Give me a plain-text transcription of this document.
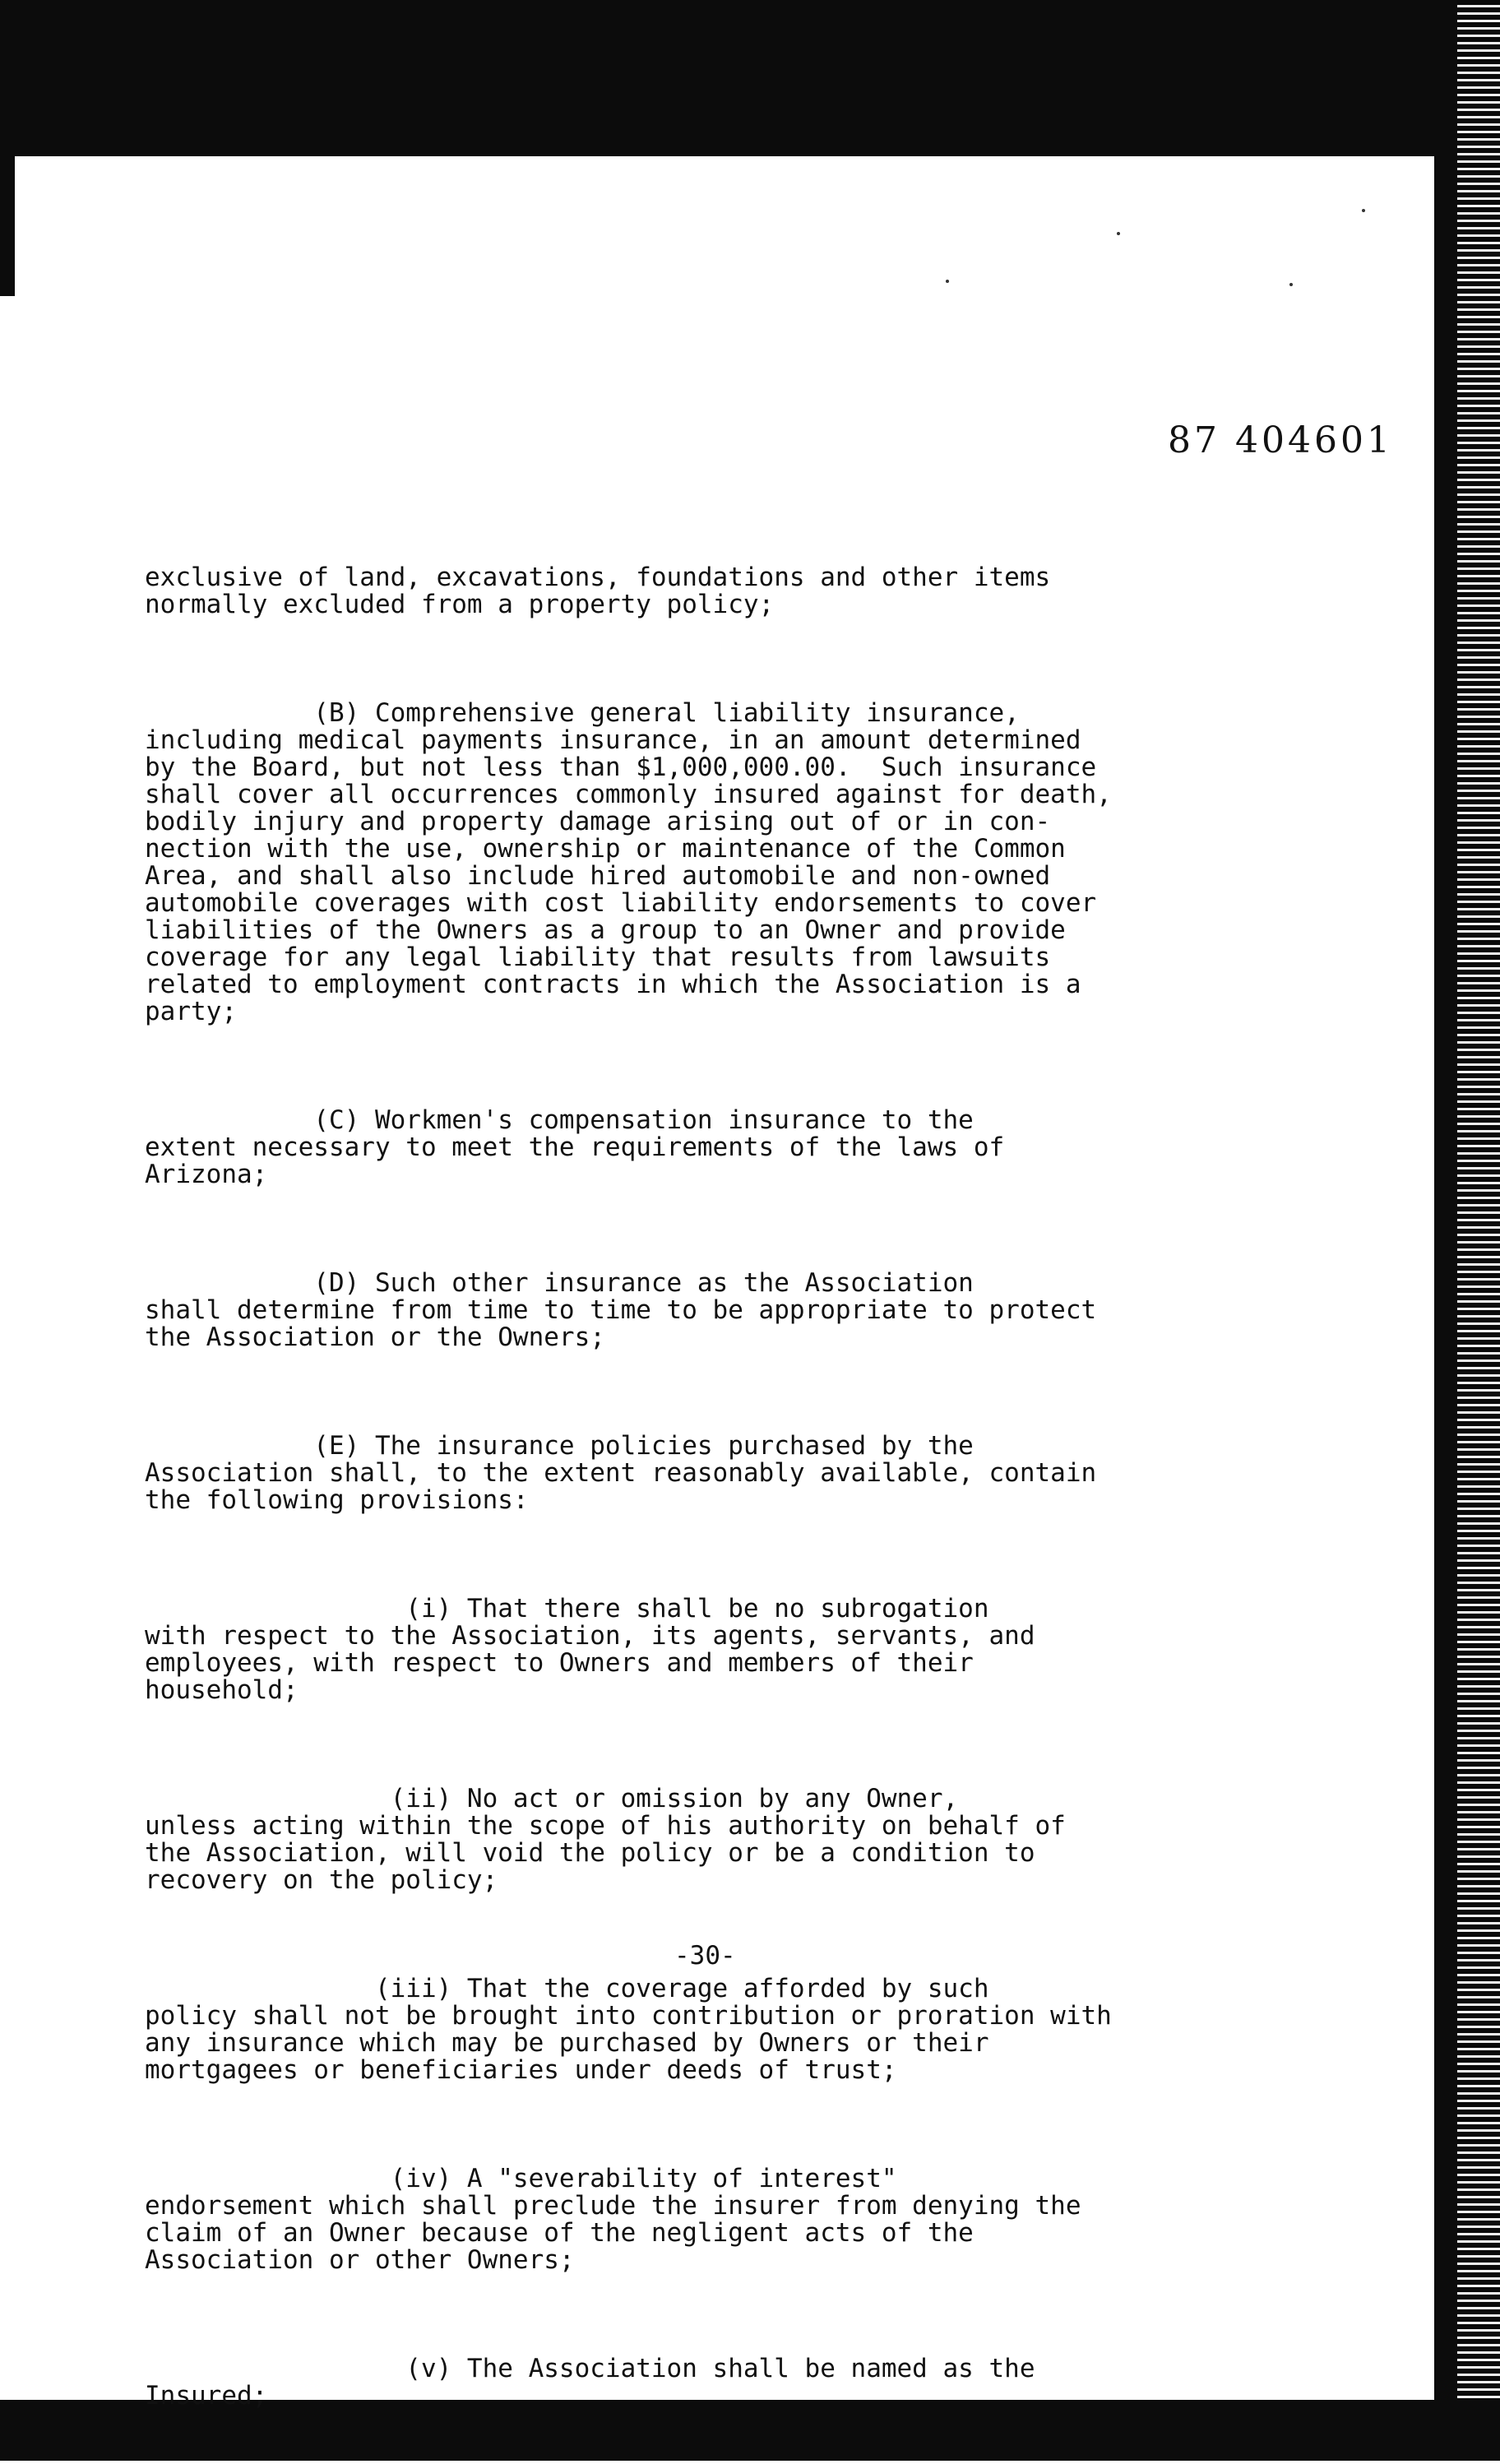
87 404601

exclusive of land, excavations, foundations and other items
normally excluded from a property policy;

(B) Comprehensive general liability insurance,
including medical payments insurance, in an amount determined
by the Board, but not less than $1,000,000.00.  Such insurance
shall cover all occurrences commonly insured against for death,
bodily injury and property damage arising out of or in con-
nection with the use, ownership or maintenance of the Common
Area, and shall also include hired automobile and non-owned
automobile coverages with cost liability endorsements to cover
liabilities of the Owners as a group to an Owner and provide
coverage for any legal liability that results from lawsuits
related to employment contracts in which the Association is a
party;

(C) Workmen's compensation insurance to the
extent necessary to meet the requirements of the laws of
Arizona;

(D) Such other insurance as the Association
shall determine from time to time to be appropriate to protect
the Association or the Owners;

(E) The insurance policies purchased by the
Association shall, to the extent reasonably available, contain
the following provisions:

(i) That there shall be no subrogation
with respect to the Association, its agents, servants, and
employees, with respect to Owners and members of their
household;

(ii) No act or omission by any Owner,
unless acting within the scope of his authority on behalf of
the Association, will void the policy or be a condition to
recovery on the policy;

(iii) That the coverage afforded by such
policy shall not be brought into contribution or proration with
any insurance which may be purchased by Owners or their
mortgagees or beneficiaries under deeds of trust;

(iv) A "severability of interest"
endorsement which shall preclude the insurer from denying the
claim of an Owner because of the negligent acts of the
Association or other Owners;

(v) The Association shall be named as the
Insured;

-30-
